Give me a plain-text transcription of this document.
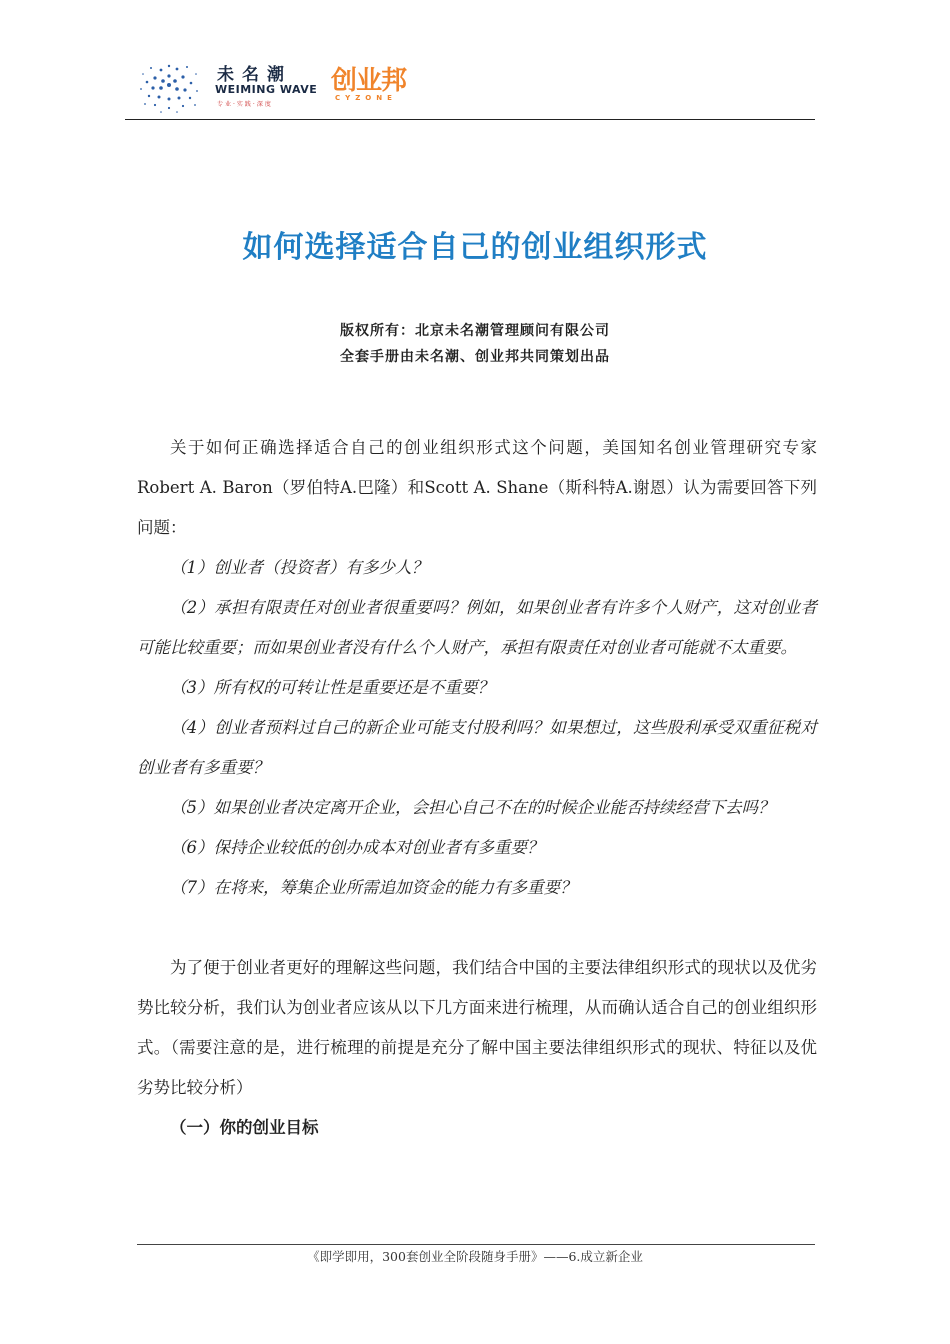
未名潮
WEIMING WAVE
专业·实践·深度
创业邦
CYZONE
如何选择适合自己的创业组织形式
版权所有：北京未名潮管理顾问有限公司
全套手册由未名潮、创业邦共同策划出品

关于如何正确选择适合自己的创业组织形式这个问题，美国知名创业管理研究专家Robert A. Baron（罗伯特A.巴隆）和Scott A. Shane（斯科特A.谢恩）认为需要回答下列问题：

（1）创业者（投资者）有多少人？

（2）承担有限责任对创业者很重要吗？例如，如果创业者有许多个人财产，这对创业者可能比较重要；而如果创业者没有什么个人财产，承担有限责任对创业者可能就不太重要。

（3）所有权的可转让性是重要还是不重要？

（4）创业者预料过自己的新企业可能支付股利吗？如果想过，这些股利承受双重征税对创业者有多重要？

（5）如果创业者决定离开企业，会担心自己不在的时候企业能否持续经营下去吗？

（6）保持企业较低的创办成本对创业者有多重要？

（7）在将来，筹集企业所需追加资金的能力有多重要？

为了便于创业者更好的理解这些问题，我们结合中国的主要法律组织形式的现状以及优劣势比较分析，我们认为创业者应该从以下几方面来进行梳理，从而确认适合自己的创业组织形式。（需要注意的是，进行梳理的前提是充分了解中国主要法律组织形式的现状、特征以及优劣势比较分析）

（一）你的创业目标

《即学即用，300套创业全阶段随身手册》——6.成立新企业
